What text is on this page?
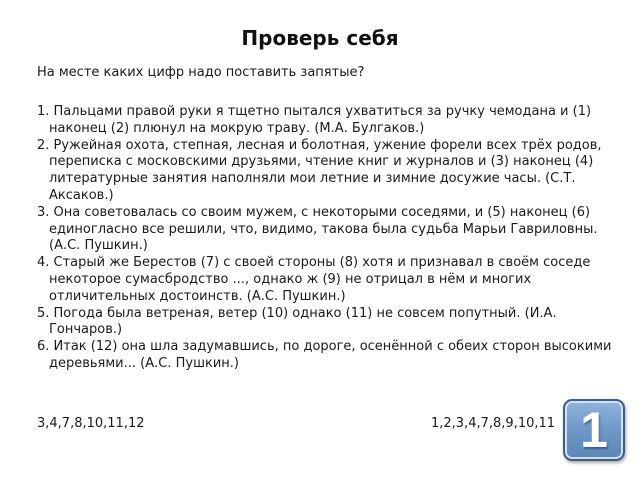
Проверь себя
На месте каких цифр надо поставить запятые?
1. Пальцами правой руки я тщетно пытался ухватиться за ручку чемодана и (1) наконец (2) плюнул на мокрую траву. (М.А. Булгаков.)
2. Ружейная охота, степная, лесная и болотная, ужение форели всех трёх родов, переписка с московскими друзьями, чтение книг и журналов и (3) наконец (4) литературные занятия наполняли мои летние и зимние досужие часы. (С.Т. Аксаков.)
3. Она советовалась со своим мужем, с некоторыми соседями, и (5) наконец (6) единогласно все решили, что, видимо, такова была судьба Марьи Гавриловны. (А.С. Пушкин.)
4. Старый же Берестов (7) с своей стороны (8) хотя и признавал в своём соседе некоторое сумасбродство ..., однако ж (9) не отрицал в нём и многих отличительных достоинств. (А.С. Пушкин.)
5. Погода была ветреная, ветер (10) однако (11) не совсем попутный. (И.А. Гончаров.)
6. Итак (12) она шла задумавшись, по дороге, осенённой с обеих сторон высокими деревьями... (А.С. Пушкин.)
3,4,7,8,10,11,12	1,2,3,4,7,8,9,10,11 1
